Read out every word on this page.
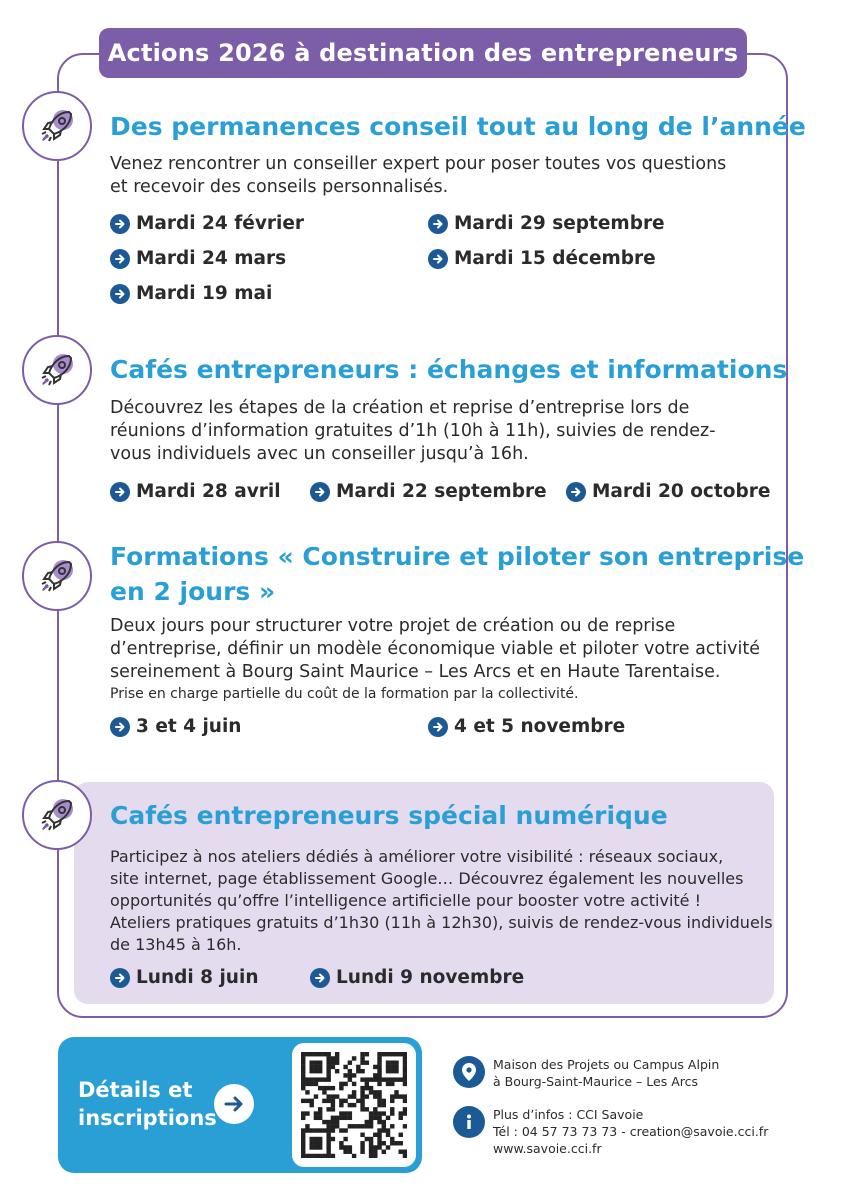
Actions 2026 à destination des entrepreneurs
Des permanences conseil tout au long de l’année
Venez rencontrer un conseiller expert pour poser toutes vos questions
et recevoir des conseils personnalisés.
Mardi 24 février	Mardi 29 septembre
Mardi 24 mars	Mardi 15 décembre
Mardi 19 mai
Cafés entrepreneurs : échanges et informations
Découvrez les étapes de la création et reprise d’entreprise lors de
réunions d’information gratuites d’1h (10h à 11h), suivies de rendez-
vous individuels avec un conseiller jusqu’à 16h.
Mardi 28 avril	Mardi 22 septembre Mardi 20 octobre
Formations « Construire et piloter son entreprise
en 2 jours »
Deux jours pour structurer votre projet de création ou de reprise
d’entreprise, définir un modèle économique viable et piloter votre activité
sereinement à Bourg Saint Maurice – Les Arcs et en Haute Tarentaise.
Prise en charge partielle du coût de la formation par la collectivité.
3 et 4 juin	4 et 5 novembre
Cafés entrepreneurs spécial numérique
Participez à nos ateliers dédiés à améliorer votre visibilité : réseaux sociaux,
site internet, page établissement Google… Découvrez également les nouvelles
opportunités qu’offre l’intelligence artificielle pour booster votre activité !
Ateliers pratiques gratuits d’1h30 (11h à 12h30), suivis de rendez-vous individuels
de 13h45 à 16h.
Lundi 8 juin	Lundi 9 novembre
Détails et
inscriptions
Maison des Projets ou Campus Alpin
à Bourg-Saint-Maurice – Les Arcs
Plus d’infos : CCI Savoie
Tél : 04 57 73 73 73 - creation@savoie.cci.fr
www.savoie.cci.fr
